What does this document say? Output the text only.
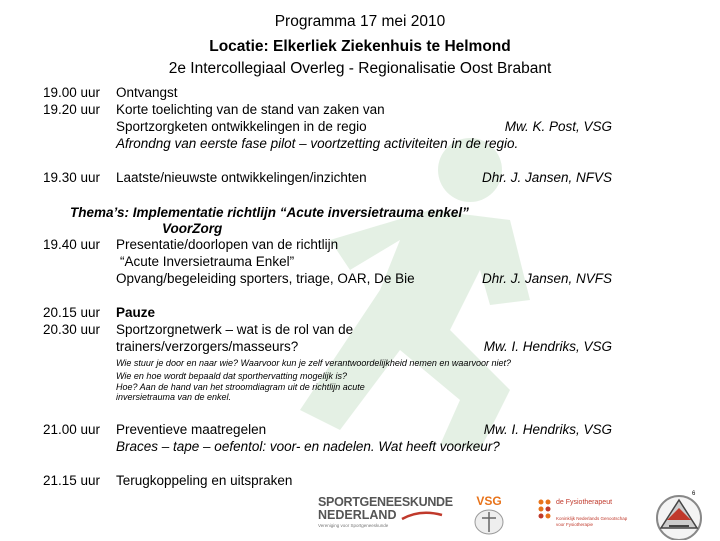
Programma 17 mei 2010
Locatie: Elkerliek Ziekenhuis te Helmond
2e Intercollegiaal Overleg - Regionalisatie Oost Brabant
19.00 uur Ontvangst
19.20 uur Korte toelichting van de stand van zaken van
Sportzorgketen ontwikkelingen in de regio	Mw. K. Post, VSG
Afrondng van eerste fase pilot – voortzetting activiteiten in de regio.
19.30 uur Laatste/nieuwste ontwikkelingen/inzichten	Dhr. J. Jansen, NFVS
Thema’s: Implementatie richtlijn “Acute inversietrauma enkel”
VoorZorg
19.40 uur Presentatie/doorlopen van de richtlijn
“Acute Inversietrauma Enkel”
Opvang/begeleiding sporters, triage, OAR, De Bie	Dhr. J. Jansen, NVFS
20.15 uur Pauze
20.30 uur Sportzorgnetwerk – wat is de rol van de
trainers/verzorgers/masseurs?	Mw. I. Hendriks, VSG
Wie stuur je door en naar wie? Waarvoor kun je zelf verantwoordelijkheid nemen en waarvoor niet?
Wie en hoe wordt bepaald dat sporthervatting mogelijk is?
Hoe? Aan de hand van het stroomdiagram uit de richtlijn acute
inversietrauma van de enkel.
21.00 uur Preventieve maatregelen	Mw. I. Hendriks, VSG
Braces – tape – oefentol: voor- en nadelen. Wat heeft voorkeur?
21.15 uur Terugkoppeling en uitspraken
SPORTGENEESKUNDE
NEDERLAND
Vereniging voor Sportgeneeskunde
VSG	de Fysiotherapeut
Koninklijk Nederlands Genootschap
voor Fysiotherapie
6
